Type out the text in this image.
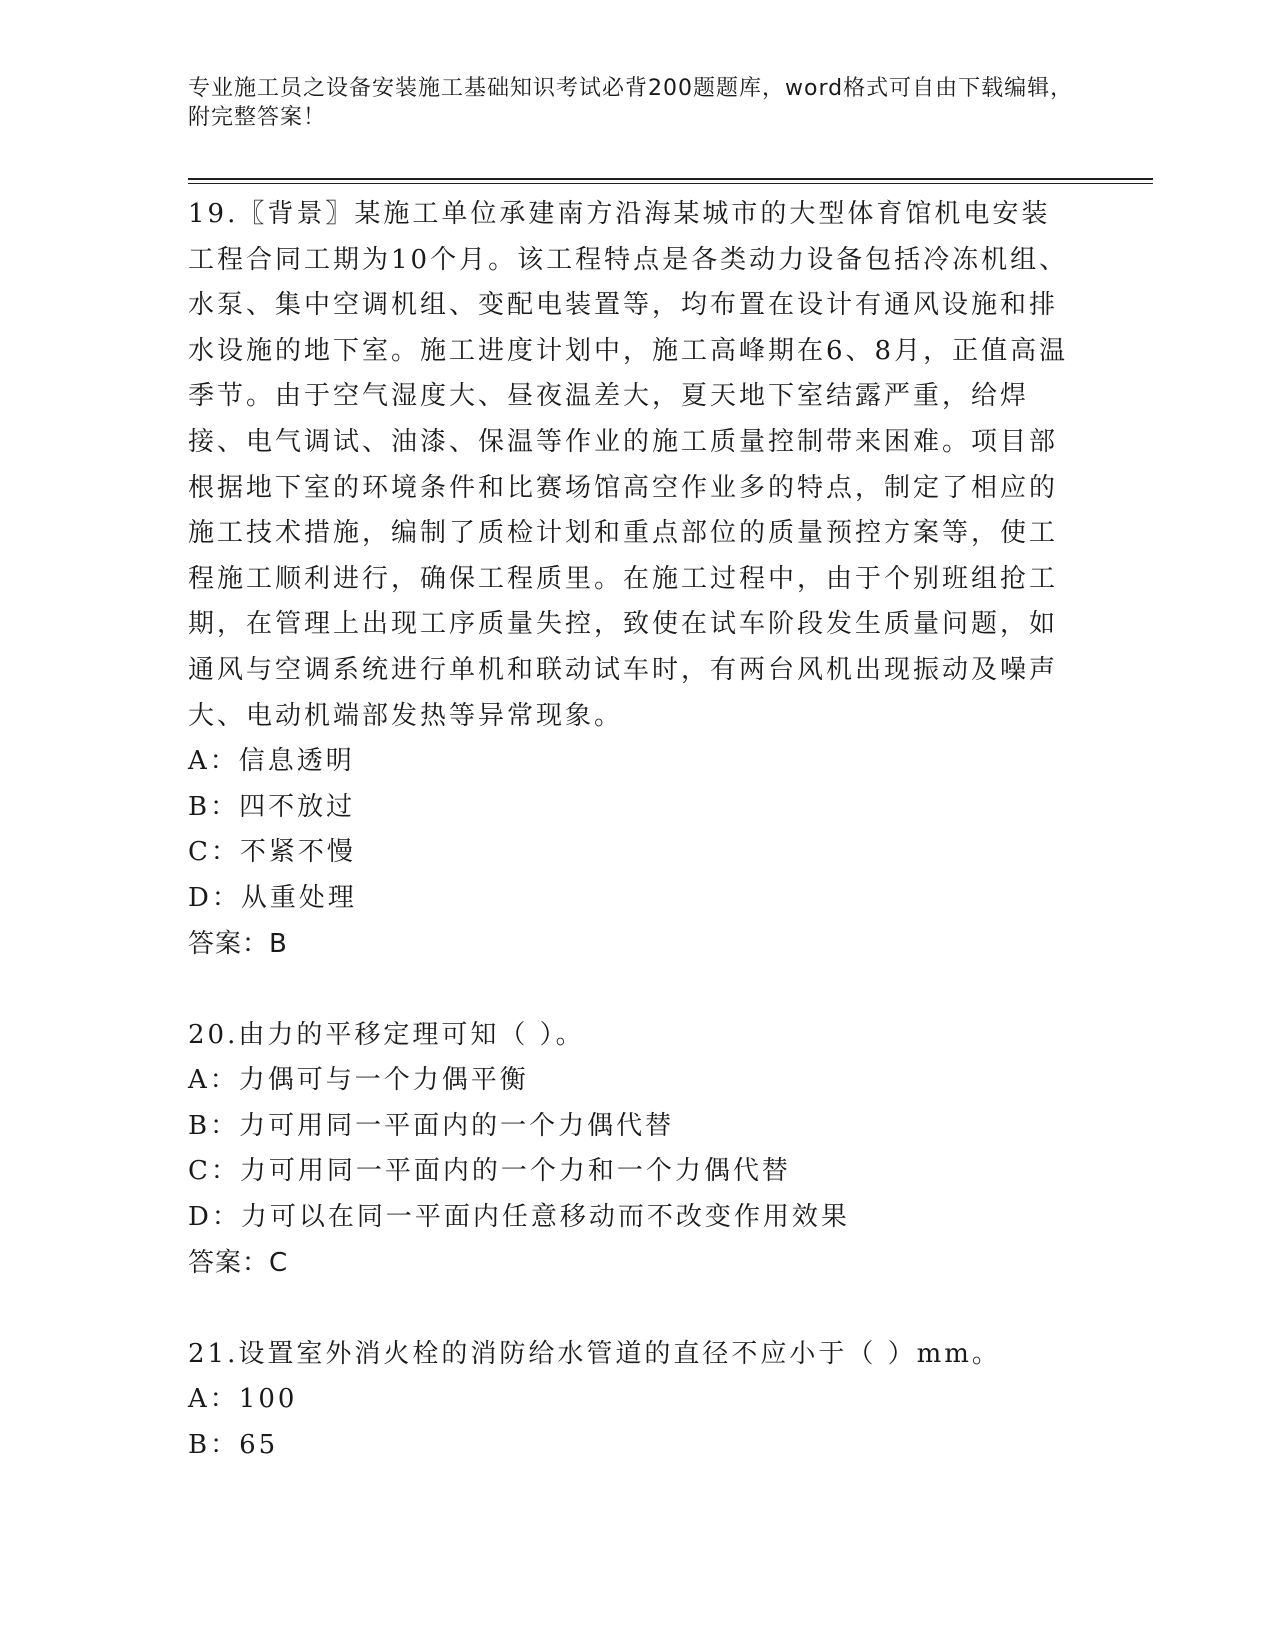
专业施工员之设备安装施工基础知识考试必背200题题库，word格式可自由下载编辑，附完整答案！

19.〖背景〗某施工单位承建南方沿海某城市的大型体育馆机电安装工程合同工期为10个月。该工程特点是各类动力设备包括冷冻机组、水泵、集中空调机组、变配电装置等，均布置在设计有通风设施和排水设施的地下室。施工进度计划中，施工高峰期在6、8月，正值高温季节。由于空气湿度大、昼夜温差大，夏天地下室结露严重，给焊接、电气调试、油漆、保温等作业的施工质量控制带来困难。项目部根据地下室的环境条件和比赛场馆高空作业多的特点，制定了相应的施工技术措施，编制了质检计划和重点部位的质量预控方案等，使工程施工顺利进行，确保工程质里。在施工过程中，由于个别班组抢工期，在管理上出现工序质量失控，致使在试车阶段发生质量问题，如通风与空调系统进行单机和联动试车时，有两台风机出现振动及噪声大、电动机端部发热等异常现象。

A：信息透明

B：四不放过

C：不紧不慢

D：从重处理

答案：B

20.由力的平移定理可知（ ）。

A：力偶可与一个力偶平衡

B：力可用同一平面内的一个力偶代替

C：力可用同一平面内的一个力和一个力偶代替

D：力可以在同一平面内任意移动而不改变作用效果

答案：C

21.设置室外消火栓的消防给水管道的直径不应小于（ ）mm。

A：100

B：65
